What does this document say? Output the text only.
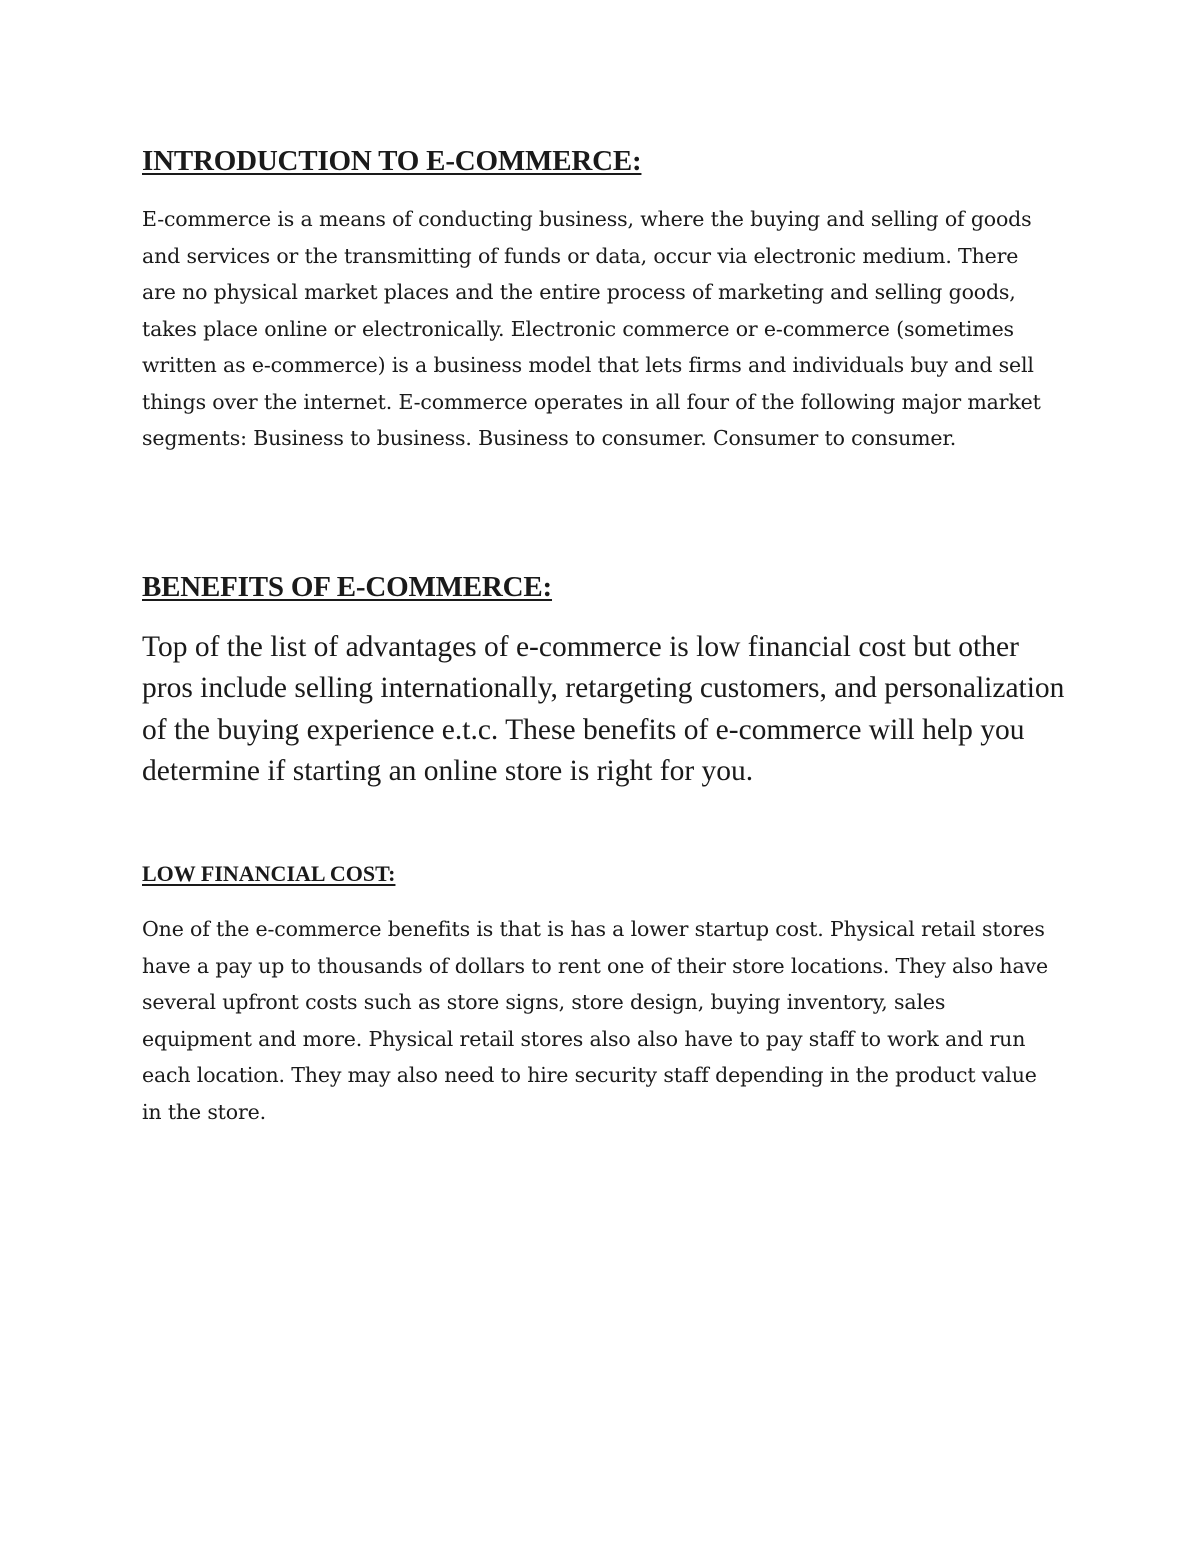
INTRODUCTION TO E-COMMERCE:

E-commerce is a means of conducting business, where the buying and selling of goods and services or the transmitting of funds or data, occur via electronic medium. There are no physical market places and the entire process of marketing and selling goods, takes place online or electronically. Electronic commerce or e-commerce (sometimes written as e-commerce) is a business model that lets firms and individuals buy and sell things over the internet. E-commerce operates in all four of the following major market segments: Business to business. Business to consumer. Consumer to consumer.

BENEFITS OF E-COMMERCE:

Top of the list of advantages of e-commerce is low financial cost but other pros include selling internationally, retargeting customers, and personalization of the buying experience e.t.c. These benefits of e-commerce will help you determine if starting an online store is right for you.

LOW FINANCIAL COST:

One of the e-commerce benefits is that is has a lower startup cost. Physical retail stores have a pay up to thousands of dollars to rent one of their store locations. They also have several upfront costs such as store signs, store design, buying inventory, sales equipment and more. Physical retail stores also also have to pay staff to work and run each location. They may also need to hire security staff depending in the product value in the store.
